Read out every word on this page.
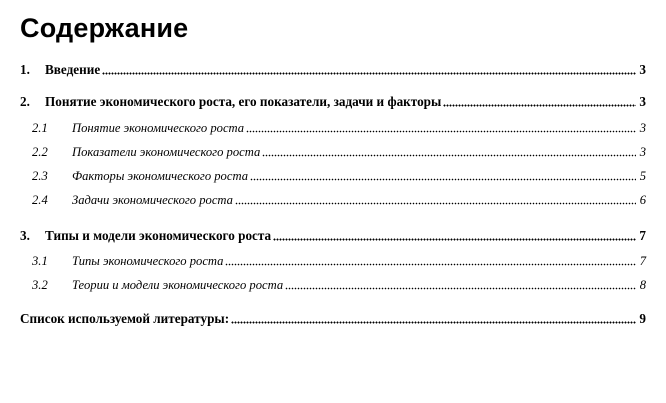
Содержание
1.	Введение	3
2.	Понятие экономического роста, его показатели, задачи и факторы	3
2.1	Понятие экономического роста	3
2.2	Показатели экономического роста	3
2.3	Факторы экономического роста	5
2.4	Задачи экономического роста	6
3.	Типы и модели экономического роста	7
3.1	Типы экономического роста	7
3.2	Теории и модели экономического роста	8
Список используемой литературы:	9
